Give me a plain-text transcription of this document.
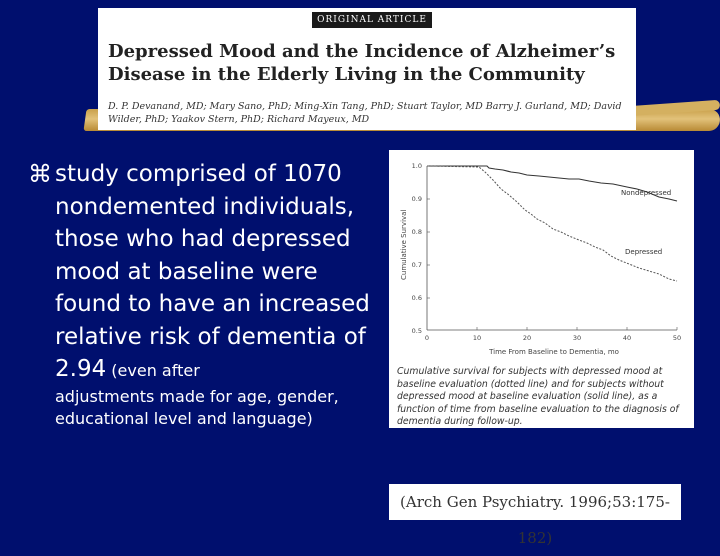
ORIGINAL ARTICLE
Depressed Mood and the Incidence of Alzheimer’s Disease in the Elderly Living in the Community
D. P. Devanand, MD; Mary Sano, PhD; Ming-Xin Tang, PhD; Stuart Taylor, MD Barry J. Gurland, MD; David Wilder, PhD; Yaakov Stern, PhD; Richard Mayeux, MD
⌘ study comprised of 1070 nondemented individuals, those who had depressed mood at baseline were found to have an increased relative risk of dementia of 2.94 (even after
adjustments made for age, gender, educational level and language)
Cumulative Survival
1.0
0.9
0.8
0.7
0.6
0.5
0	10	20	30	40	50
Time From Baseline to Dementia, mo
Nondepressed
Depressed
Cumulative survival for subjects with depressed mood at baseline evaluation (dotted line) and for subjects without depressed mood at baseline evaluation (solid line), as a function of time from baseline evaluation to the diagnosis of dementia during follow-up.
(Arch Gen Psychiatry. 1996;53:175-182)
